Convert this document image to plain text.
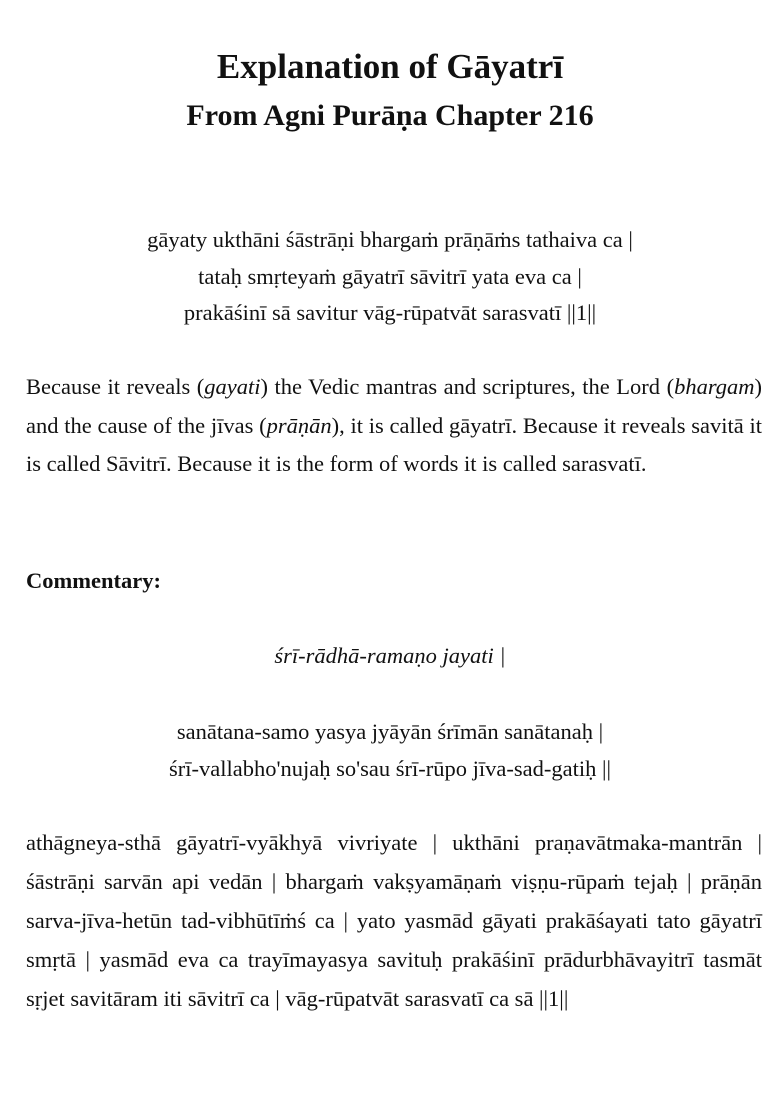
Explanation of Gāyatrī
From Agni Purāṇa Chapter 216
gāyaty ukthāni śāstrāṇi bhargaṁ prāṇāṁs tathaiva ca |
tataḥ smṛteyaṁ gāyatrī sāvitrī yata eva ca |
prakāśinī sā savitur vāg-rūpatvāt sarasvatī ||1||

Because it reveals (gayati) the Vedic mantras and scriptures, the Lord (bhargam) and the cause of the jīvas (prāṇān), it is called gāyatrī. Because it reveals savitā it is called Sāvitrī. Because it is the form of words it is called sarasvatī.

Commentary:
śrī-rādhā-ramaṇo jayati |
sanātana-samo yasya jyāyān śrīmān sanātanaḥ |
śrī-vallabho'nujaḥ so'sau śrī-rūpo jīva-sad-gatiḥ ||

athāgneya-sthā gāyatrī-vyākhyā vivriyate | ukthāni praṇavātmaka-mantrān | śāstrāṇi sarvān api vedān | bhargaṁ vakṣyamāṇaṁ viṣṇu-rūpaṁ tejaḥ | prāṇān sarva-jīva-hetūn tad-vibhūtīṁś ca | yato yasmād gāyati prakāśayati tato gāyatrī smṛtā | yasmād eva ca trayīmayasya savituḥ prakāśinī prādurbhāvayitrī tasmāt sṛjet savitāram iti sāvitrī ca | vāg-rūpatvāt sarasvatī ca sā ||1||
